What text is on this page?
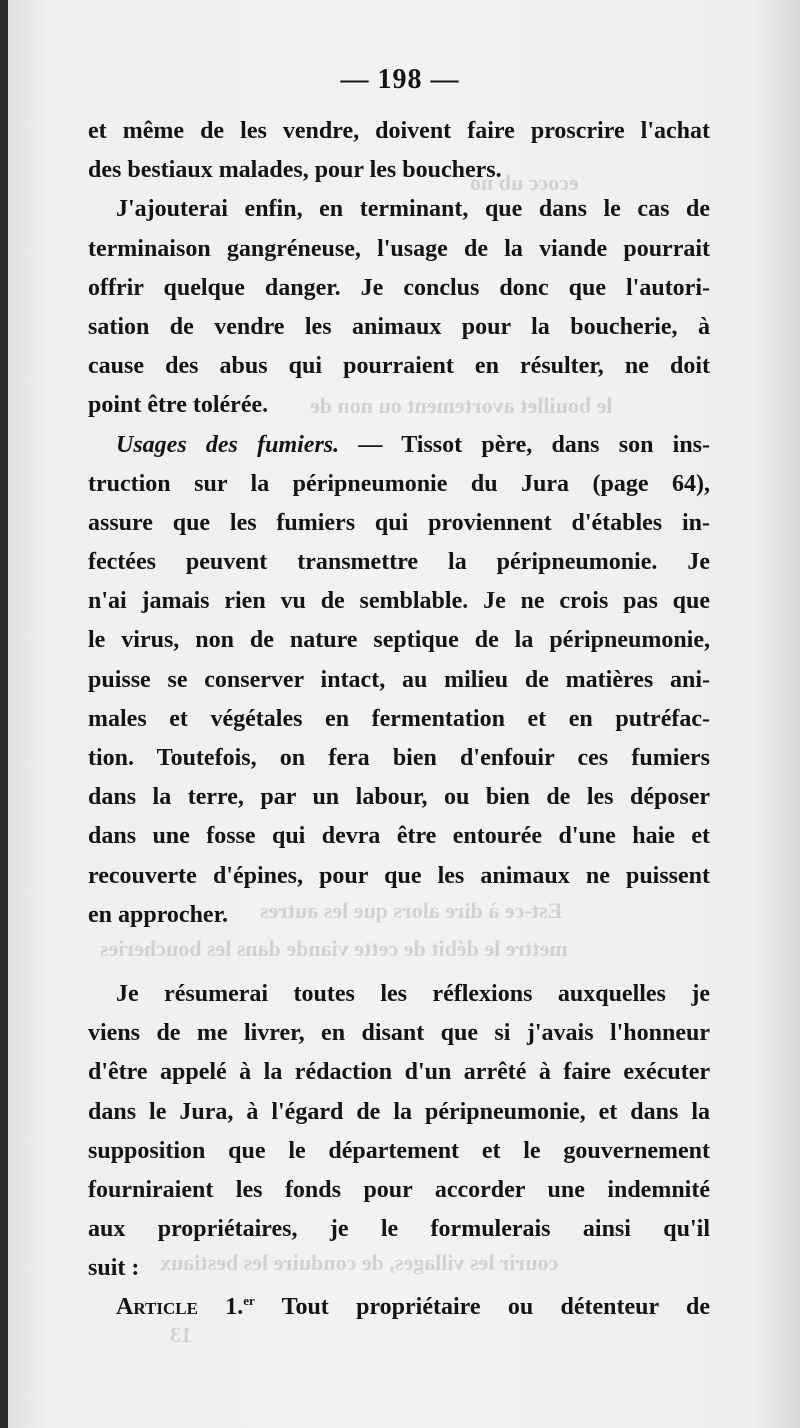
ecocc ub no
le bouillet avortement ou non de
Est-ce à dire alors que les autres
mettre le débit de cette viande dans les boucheries
courir les villages, de conduire les bestiaux
13
— 198 —
et même de les vendre, doivent faire proscrire l'achat
des bestiaux malades, pour les bouchers.
J'ajouterai enfin, en terminant, que dans le cas de
terminaison gangréneuse, l'usage de la viande pourrait
offrir quelque danger. Je conclus donc que l'autori-
sation de vendre les animaux pour la boucherie, à
cause des abus qui pourraient en résulter, ne doit
point être tolérée.
Usages des fumiers. — Tissot père, dans son ins-
truction sur la péripneumonie du Jura (page 64),
assure que les fumiers qui proviennent d'étables in-
fectées peuvent transmettre la péripneumonie. Je
n'ai jamais rien vu de semblable. Je ne crois pas que
le virus, non de nature septique de la péripneumonie,
puisse se conserver intact, au milieu de matières ani-
males et végétales en fermentation et en putréfac-
tion. Toutefois, on fera bien d'enfouir ces fumiers
dans la terre, par un labour, ou bien de les déposer
dans une fosse qui devra être entourée d'une haie et
recouverte d'épines, pour que les animaux ne puissent
en approcher.
Je résumerai toutes les réflexions auxquelles je
viens de me livrer, en disant que si j'avais l'honneur
d'être appelé à la rédaction d'un arrêté à faire exécuter
dans le Jura, à l'égard de la péripneumonie, et dans la
supposition que le département et le gouvernement
fourniraient les fonds pour accorder une indemnité
aux propriétaires, je le formulerais ainsi qu'il
suit :
Article 1.$^{er}$ Tout propriétaire ou détenteur de
